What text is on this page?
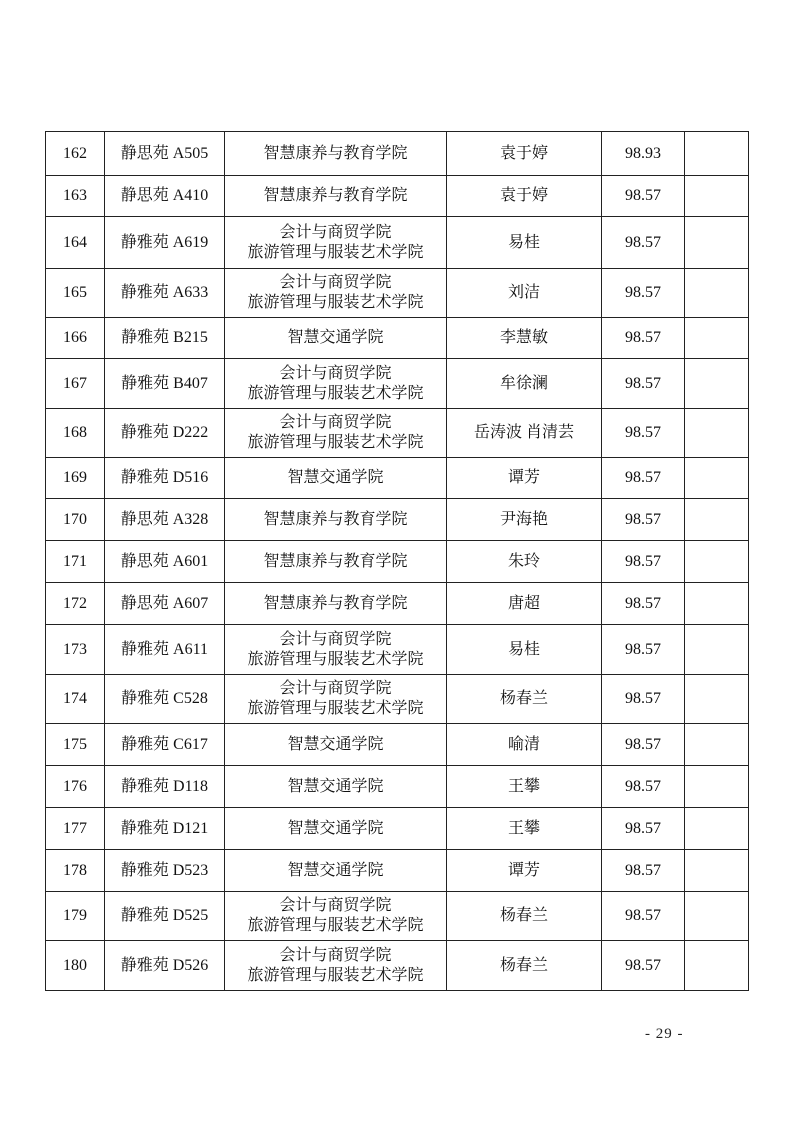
162	静思苑 A505	智慧康养与教育学院	袁于婷	98.93	
163	静思苑 A410	智慧康养与教育学院	袁于婷	98.57	
164	静雅苑 A619	会计与商贸学院
旅游管理与服装艺术学院	易桂	98.57	
165	静雅苑 A633	会计与商贸学院
旅游管理与服装艺术学院	刘洁	98.57	
166	静雅苑 B215	智慧交通学院	李慧敏	98.57	
167	静雅苑 B407	会计与商贸学院
旅游管理与服装艺术学院	牟徐澜	98.57	
168	静雅苑 D222	会计与商贸学院
旅游管理与服装艺术学院	岳涛波 肖清芸	98.57	
169	静雅苑 D516	智慧交通学院	谭芳	98.57	
170	静思苑 A328	智慧康养与教育学院	尹海艳	98.57	
171	静思苑 A601	智慧康养与教育学院	朱玲	98.57	
172	静思苑 A607	智慧康养与教育学院	唐超	98.57	
173	静雅苑 A611	会计与商贸学院
旅游管理与服装艺术学院	易桂	98.57	
174	静雅苑 C528	会计与商贸学院
旅游管理与服装艺术学院	杨春兰	98.57	
175	静雅苑 C617	智慧交通学院	喻清	98.57	
176	静雅苑 D118	智慧交通学院	王攀	98.57	
177	静雅苑 D121	智慧交通学院	王攀	98.57	
178	静雅苑 D523	智慧交通学院	谭芳	98.57	
179	静雅苑 D525	会计与商贸学院
旅游管理与服装艺术学院	杨春兰	98.57	
180	静雅苑 D526	会计与商贸学院
旅游管理与服装艺术学院	杨春兰	98.57	
- 29 -
